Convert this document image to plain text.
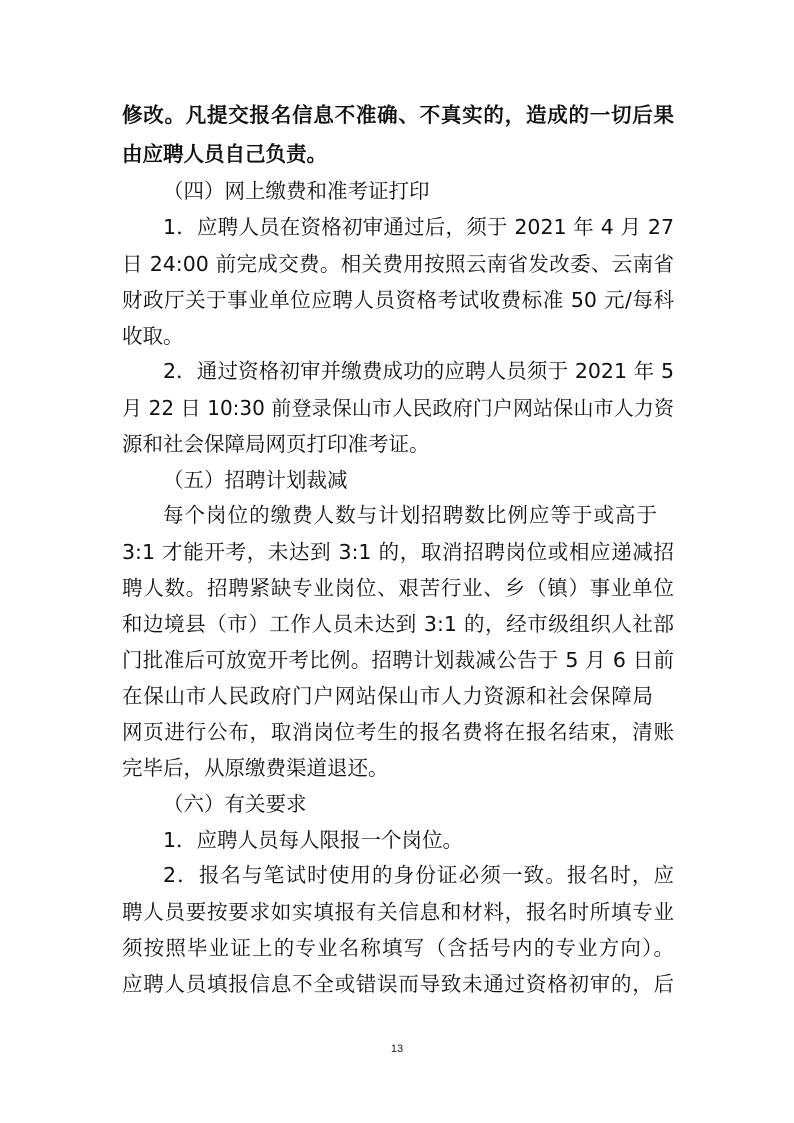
修改。凡提交报名信息不准确、不真实的，造成的一切后果
由应聘人员自己负责。
（四）网上缴费和准考证打印
1．应聘人员在资格初审通过后，须于 2021 年 4 月 27
日 24:00 前完成交费。相关费用按照云南省发改委、云南省
财政厅关于事业单位应聘人员资格考试收费标准 50 元/每科
收取。
2．通过资格初审并缴费成功的应聘人员须于 2021 年 5
月 22 日 10:30 前登录保山市人民政府门户网站保山市人力资
源和社会保障局网页打印准考证。
（五）招聘计划裁减
每个岗位的缴费人数与计划招聘数比例应等于或高于
3:1 才能开考，未达到 3:1 的，取消招聘岗位或相应递减招
聘人数。招聘紧缺专业岗位、艰苦行业、乡（镇）事业单位
和边境县（市）工作人员未达到 3:1 的，经市级组织人社部
门批准后可放宽开考比例。招聘计划裁减公告于 5 月 6 日前
在保山市人民政府门户网站保山市人力资源和社会保障局
网页进行公布，取消岗位考生的报名费将在报名结束，清账
完毕后，从原缴费渠道退还。
（六）有关要求
1．应聘人员每人限报一个岗位。
2．报名与笔试时使用的身份证必须一致。报名时，应
聘人员要按要求如实填报有关信息和材料，报名时所填专业
须按照毕业证上的专业名称填写（含括号内的专业方向）。
应聘人员填报信息不全或错误而导致未通过资格初审的，后
13
